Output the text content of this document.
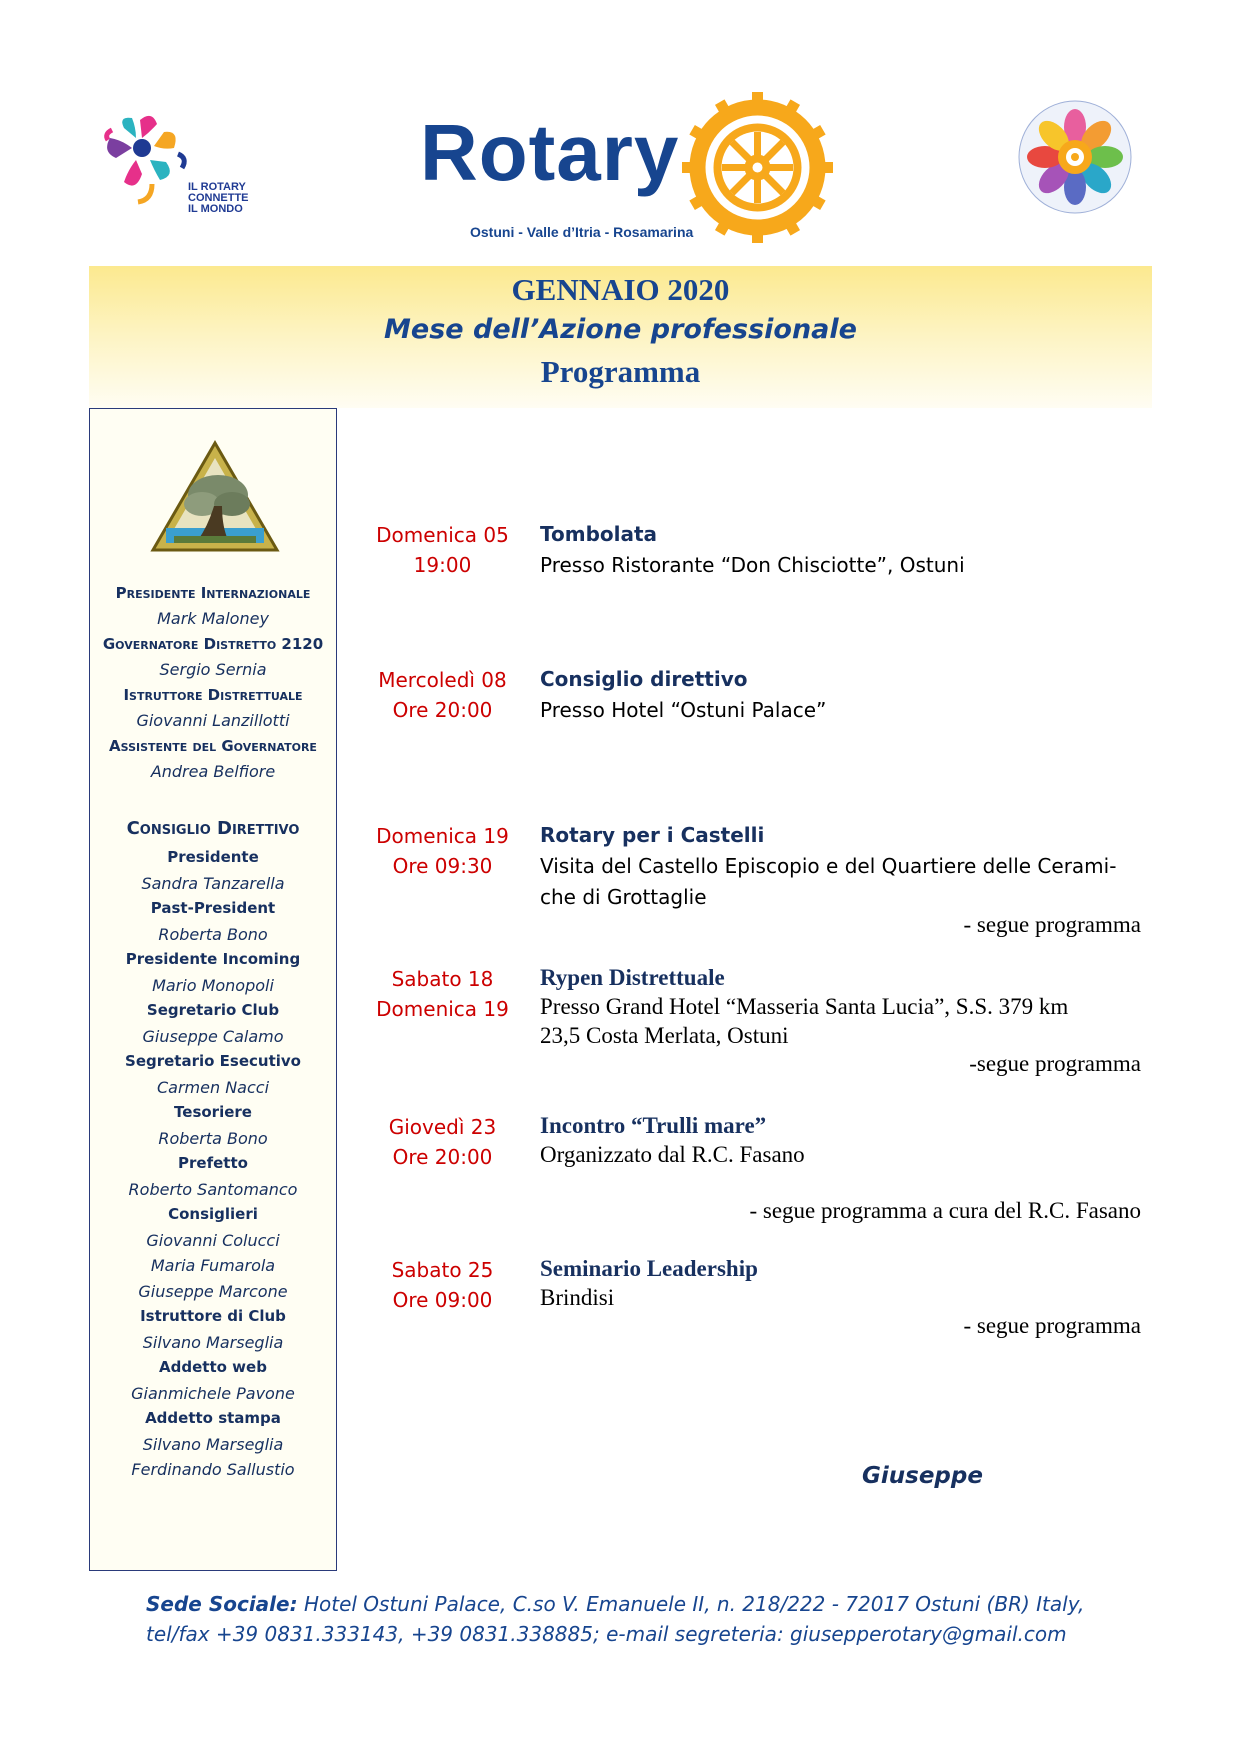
IL ROTARY
CONNETTE
IL MONDO
Rotary
Ostuni - Valle d’Itria - Rosamarina
GENNAIO 2020
Mese dell’Azione professionale
Programma
Presidente Internazionale
Mark Maloney
Governatore Distretto 2120
Sergio Sernia
Istruttore Distrettuale
Giovanni Lanzillotti
Assistente del Governatore
Andrea Belfiore
Consiglio Direttivo
Presidente
Sandra Tanzarella
Past-President
Roberta Bono
Presidente Incoming
Mario Monopoli
Segretario Club
Giuseppe Calamo
Segretario Esecutivo
Carmen Nacci
Tesoriere
Roberta Bono
Prefetto
Roberto Santomanco
Consiglieri
Giovanni Colucci
Maria Fumarola
Giuseppe Marcone
Istruttore di Club
Silvano Marseglia
Addetto web
Gianmichele Pavone
Addetto stampa
Silvano Marseglia
Ferdinando Sallustio
Domenica 05
19:00
Tombolata
Presso Ristorante “Don Chisciotte”, Ostuni
Mercoledì 08
Ore 20:00
Consiglio direttivo
Presso Hotel “Ostuni Palace”
Domenica 19
Ore 09:30
Rotary per i Castelli
Visita del Castello Episcopio e del Quartiere delle Cerami-
che di Grottaglie
- segue programma
Sabato 18
Domenica 19
Rypen Distrettuale
Presso Grand Hotel “Masseria Santa Lucia”, S.S. 379 km
23,5 Costa Merlata, Ostuni
-segue programma
Giovedì 23
Ore 20:00
Incontro “Trulli mare”
Organizzato dal R.C. Fasano
- segue programma a cura del R.C. Fasano
Sabato 25
Ore 09:00
Seminario Leadership
Brindisi
- segue programma
Giuseppe
Sede Sociale: Hotel Ostuni Palace, C.so V. Emanuele II, n. 218/222 - 72017 Ostuni (BR) Italy,
tel/fax +39 0831.333143, +39 0831.338885; e-mail segreteria: giusepperotary@gmail.com
